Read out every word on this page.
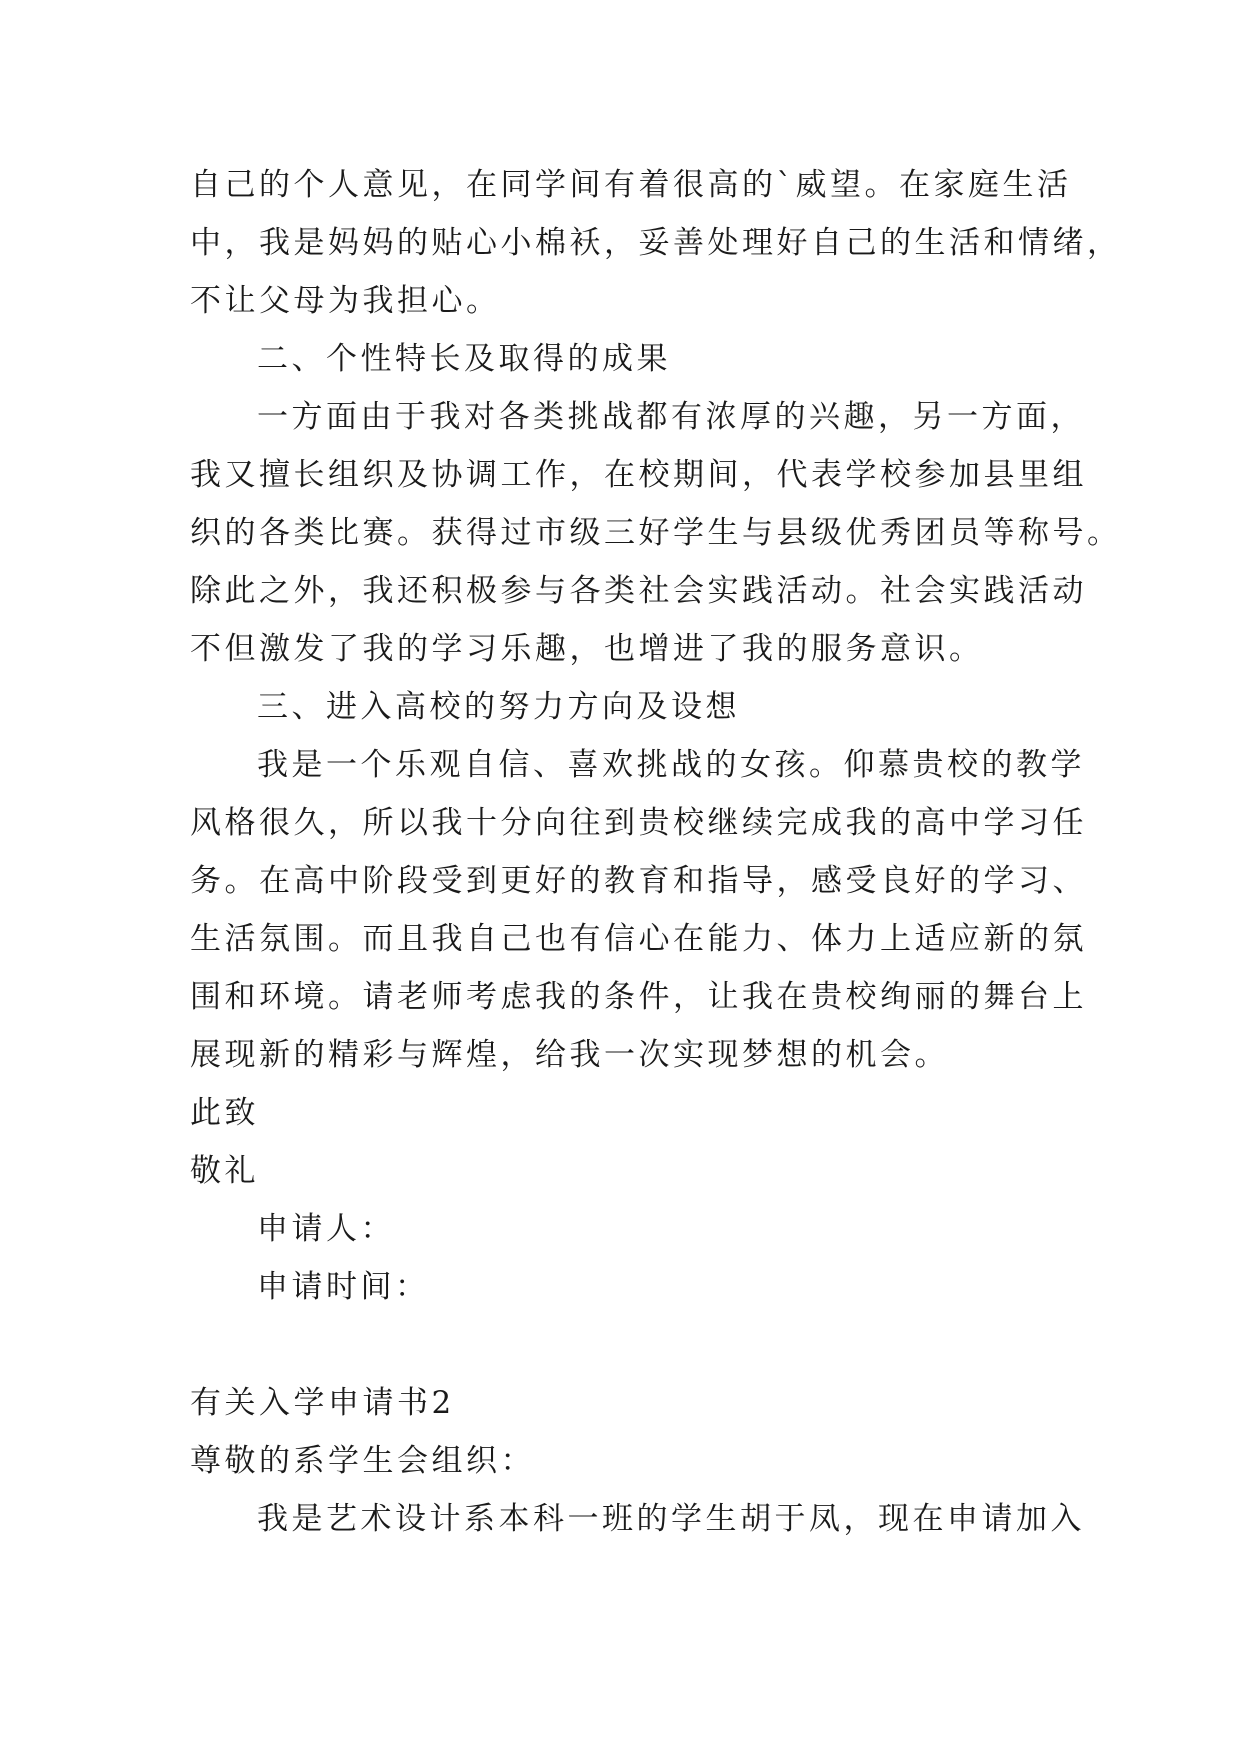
自己的个人意见，在同学间有着很高的`威望。在家庭生活
中，我是妈妈的贴心小棉袄，妥善处理好自己的生活和情绪，
不让父母为我担心。
二、个性特长及取得的成果
一方面由于我对各类挑战都有浓厚的兴趣，另一方面，
我又擅长组织及协调工作，在校期间，代表学校参加县里组
织的各类比赛。获得过市级三好学生与县级优秀团员等称号。
除此之外，我还积极参与各类社会实践活动。社会实践活动
不但激发了我的学习乐趣，也增进了我的服务意识。
三、进入高校的努力方向及设想
我是一个乐观自信、喜欢挑战的女孩。仰慕贵校的教学
风格很久，所以我十分向往到贵校继续完成我的高中学习任
务。在高中阶段受到更好的教育和指导，感受良好的学习、
生活氛围。而且我自己也有信心在能力、体力上适应新的氛
围和环境。请老师考虑我的条件，让我在贵校绚丽的舞台上
展现新的精彩与辉煌，给我一次实现梦想的机会。
此致
敬礼
申请人：
申请时间：
有关入学申请书2
尊敬的系学生会组织：
我是艺术设计系本科一班的学生胡于凤，现在申请加入
